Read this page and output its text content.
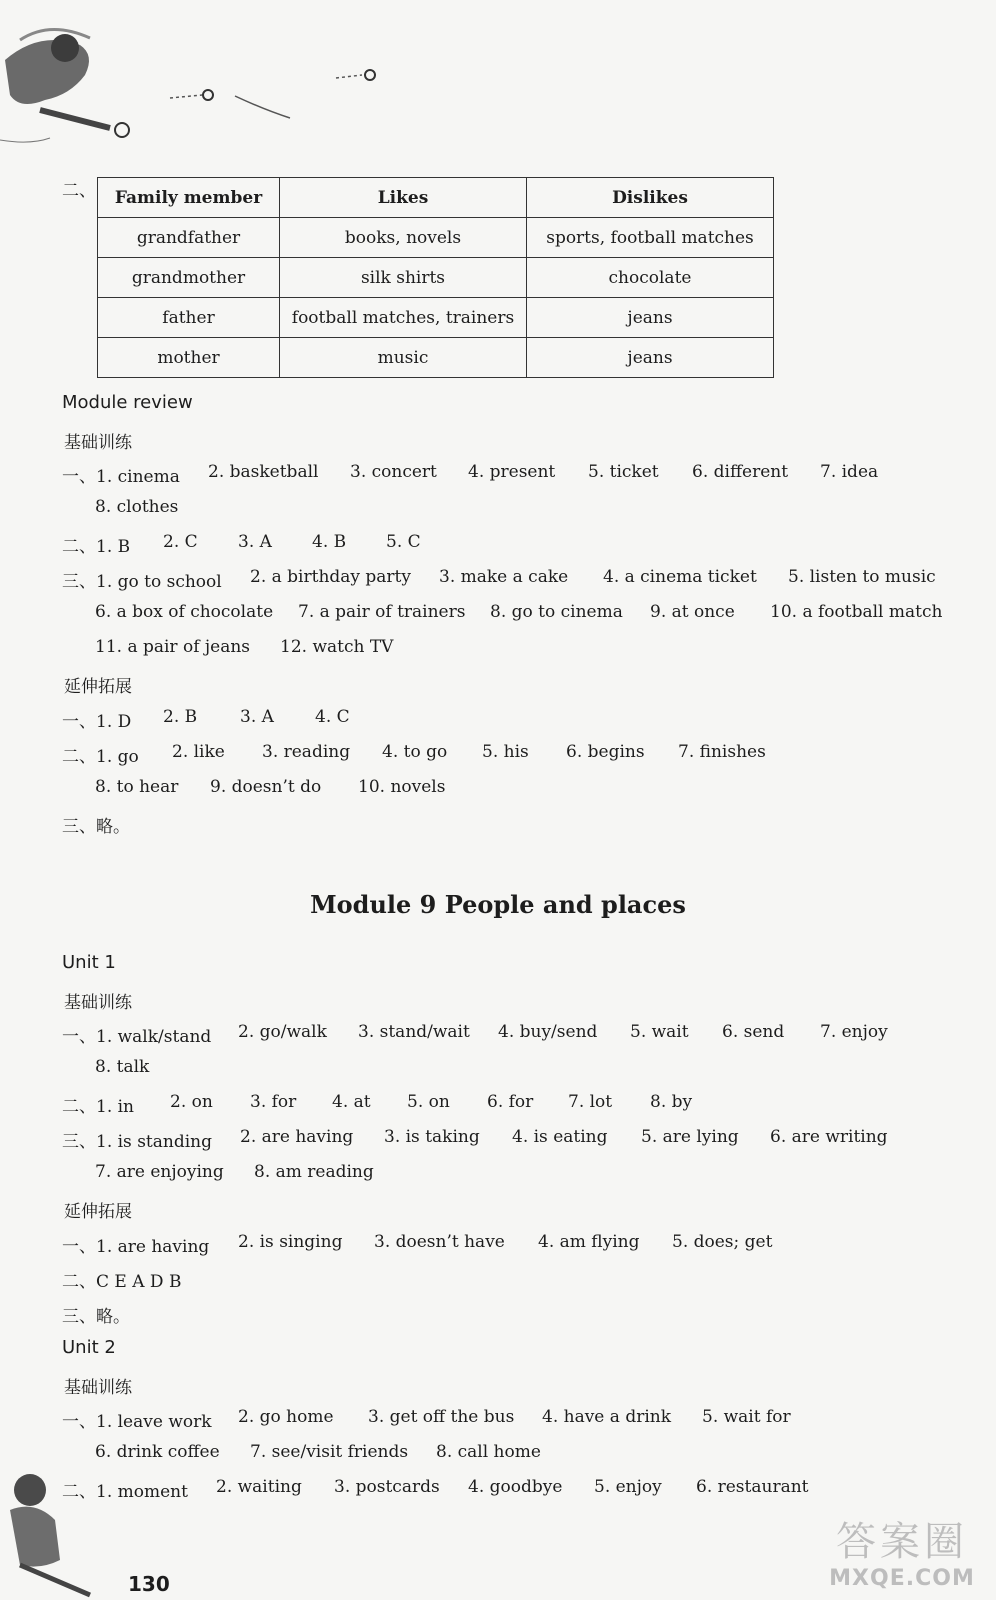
二、 Family member	Likes	Dislikes
grandfather	books, novels	sports, football matches
grandmother	silk shirts	chocolate
father	football matches, trainers	jeans
mother	music	jeans
Module review
基础训练
一、1. cinema 2. basketball 3. concert 4. present 5. ticket 6. different 7. idea
8. clothes
二、1. B 2. C 3. A 4. B 5. C
三、1. go to school 2. a birthday party 3. make a cake 4. a cinema ticket 5. listen to music
6. a box of chocolate 7. a pair of trainers 8. go to cinema 9. at once 10. a football match
11. a pair of jeans 12. watch TV
延伸拓展
一、1. D 2. B	3. A 4. C
二、1. go 2. like 3. reading 4. to go 5. his 6. begins 7. finishes
8. to hear 9. doesn’t do 10. novels
三、略。
Module 9 People and places
Unit 1
基础训练
一、1. walk/stand 2. go/walk 3. stand/wait 4. buy/send 5. wait 6. send 7. enjoy
8. talk
二、1. in 2. on 3. for 4. at 5. on 6. for 7. lot 8. by
三、1. is standing 2. are having 3. is taking 4. is eating 5. are lying 6. are writing
7. are enjoying 8. am reading
延伸拓展
一、1. are having 2. is singing 3. doesn’t have 4. am flying 5. does; get
二、C E A D B
三、略。
Unit 2
基础训练
一、1. leave work 2. go home 3. get off the bus 4. have a drink 5. wait for
6. drink coffee 7. see/visit friends 8. call home
二、1. moment 2. waiting 3. postcards 4. goodbye 5. enjoy 6. restaurant
130
答案圈
MXQE.COM
